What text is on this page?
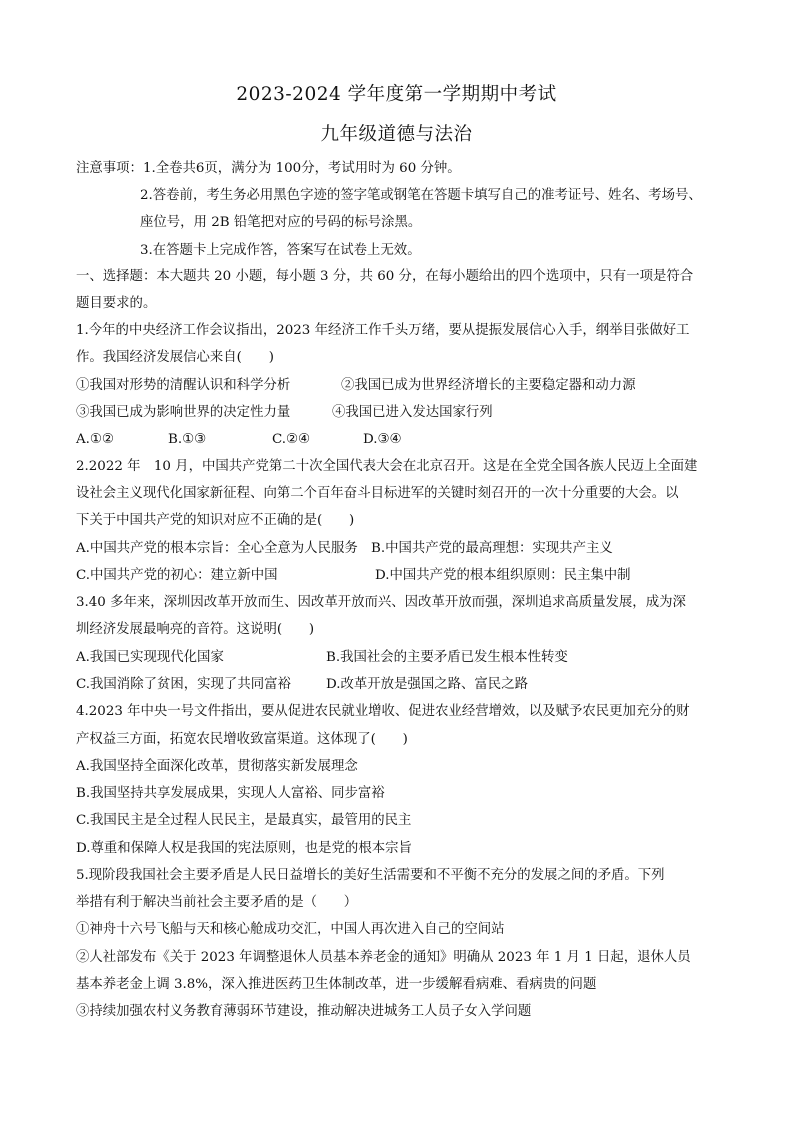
2023-2024 学年度第一学期期中考试
九年级道德与法治
注意事项：1.全卷共6页，满分为 100分，考试用时为 60 分钟。
2.答卷前，考生务必用黑色字迹的签字笔或钢笔在答题卡填写自己的准考证号、姓名、考场号、
座位号，用 2B 铅笔把对应的号码的标号涂黑。
3.在答题卡上完成作答，答案写在试卷上无效。
一、选择题：本大题共 20 小题，每小题 3 分，共 60 分，在每小题给出的四个选项中，只有一项是符合
题目要求的。
1.今年的中央经济工作会议指出，2023 年经济工作千头万绪，要从提振发展信心入手，纲举目张做好工
作。我国经济发展信心来自(　　)
①我国对形势的清醒认识和科学分析	②我国已成为世界经济增长的主要稳定器和动力源
③我国已成为影响世界的决定性力量	④我国已进入发达国家行列
A.①②	B.①③	C.②④	D.③④
2.2022 年　10 月，中国共产党第二十次全国代表大会在北京召开。这是在全党全国各族人民迈上全面建
设社会主义现代化国家新征程、向第二个百年奋斗目标进军的关键时刻召开的一次十分重要的大会。以
下关于中国共产党的知识对应不正确的是(　　)
A.中国共产党的根本宗旨：全心全意为人民服务 B.中国共产党的最高理想：实现共产主义
C.中国共产党的初心：建立新中国	D.中国共产党的根本组织原则：民主集中制
3.40 多年来，深圳因改革开放而生、因改革开放而兴、因改革开放而强，深圳追求高质量发展，成为深
圳经济发展最响亮的音符。这说明(　　)
A.我国已实现现代化国家	B.我国社会的主要矛盾已发生根本性转变
C.我国消除了贫困，实现了共同富裕	D.改革开放是强国之路、富民之路
4.2023 年中央一号文件指出，要从促进农民就业增收、促进农业经营增效，以及赋予农民更加充分的财
产权益三方面，拓宽农民增收致富渠道。这体现了(　　)
A.我国坚持全面深化改革，贯彻落实新发展理念
B.我国坚持共享发展成果，实现人人富裕、同步富裕
C.我国民主是全过程人民民主，是最真实，最管用的民主
D.尊重和保障人权是我国的宪法原则，也是党的根本宗旨
5.现阶段我国社会主要矛盾是人民日益增长的美好生活需要和不平衡不充分的发展之间的矛盾。下列
举措有利于解决当前社会主要矛盾的是（　　）
①神舟十六号飞船与天和核心舱成功交汇，中国人再次进入自己的空间站
②人社部发布《关于 2023 年调整退休人员基本养老金的通知》明确从 2023 年 1 月 1 日起，退休人员
基本养老金上调 3.8%，深入推进医药卫生体制改革，进一步缓解看病难、看病贵的问题
③持续加强农村义务教育薄弱环节建设，推动解决进城务工人员子女入学问题
